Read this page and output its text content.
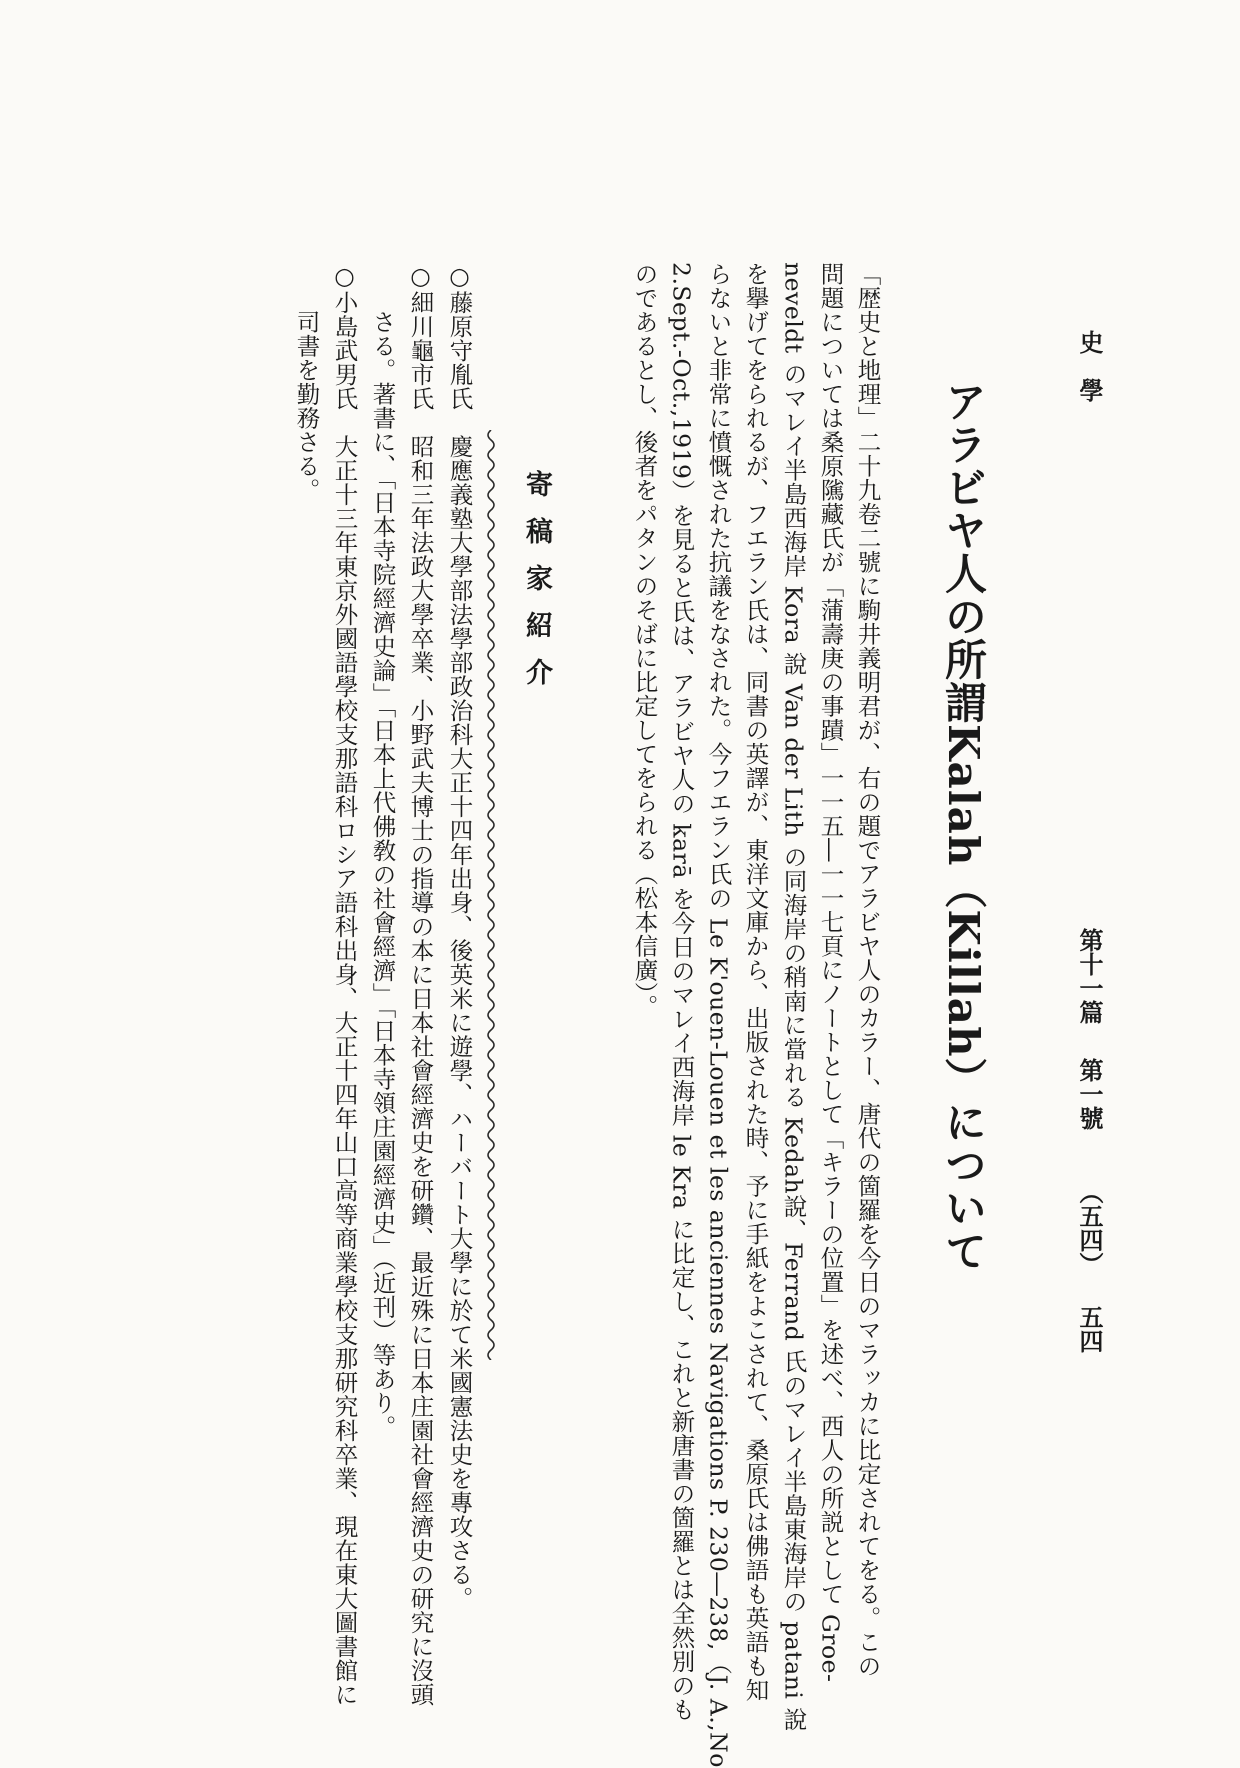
史　學
第十一篇
第一號
（五四）
五四
アラビヤ人の所謂Kalah（Killah）について
「歴史と地理」二十九卷二號に駒井義明君が、右の題でアラビヤ人のカラー、唐代の箇羅を今日のマラッカに比定されてをる。この
問題については桑原隲藏氏が「蒲壽庚の事蹟」一一五―一一七頁にノートとして「キラーの位置」を述べ、西人の所説として Groe-
neveldt のマレイ半島西海岸 Kora 說 Van der Lith の同海岸の稍南に當れる Kedah說、Ferrand 氏のマレイ半島東海岸の patani 說
を擧げてをられるが、フエラン氏は、同書の英譯が、東洋文庫から、出版された時、予に手紙をよこされて、桑原氏は佛語も英語も知
らないと非常に憤慨された抗議をなされた。今フエラン氏の Le K'ouen-Louen et les anciennes Navigations P. 230―238,（J. A.,No
2.Sept.‐Oct.,1919）を見ると氏は、アラビヤ人の karā を今日のマレイ西海岸 le Kra に比定し、これと新唐書の箇羅とは全然別のも
のであるとし、後者をパタンのそばに比定してをられる（松本信廣）。
寄稿家紹介
○藤原守胤氏　慶應義塾大學部法學部政治科大正十四年出身、後英米に遊學、ハーバート大學に於て米國憲法史を專攻さる。
○細川龜市氏　昭和三年法政大學卒業、小野武夫博士の指導の本に日本社會經濟史を研鑽、最近殊に日本庄園社會經濟史の研究に沒頭
　　さる。著書に、「日本寺院經濟史論」「日本上代佛敎の社會經濟」「日本寺領庄園經濟史」（近刊）等あり。
○小島武男氏　大正十三年東京外國語學校支那語科ロシア語科出身、大正十四年山口高等商業學校支那研究科卒業、現在東大圖書館に
　　司書を勤務さる。
